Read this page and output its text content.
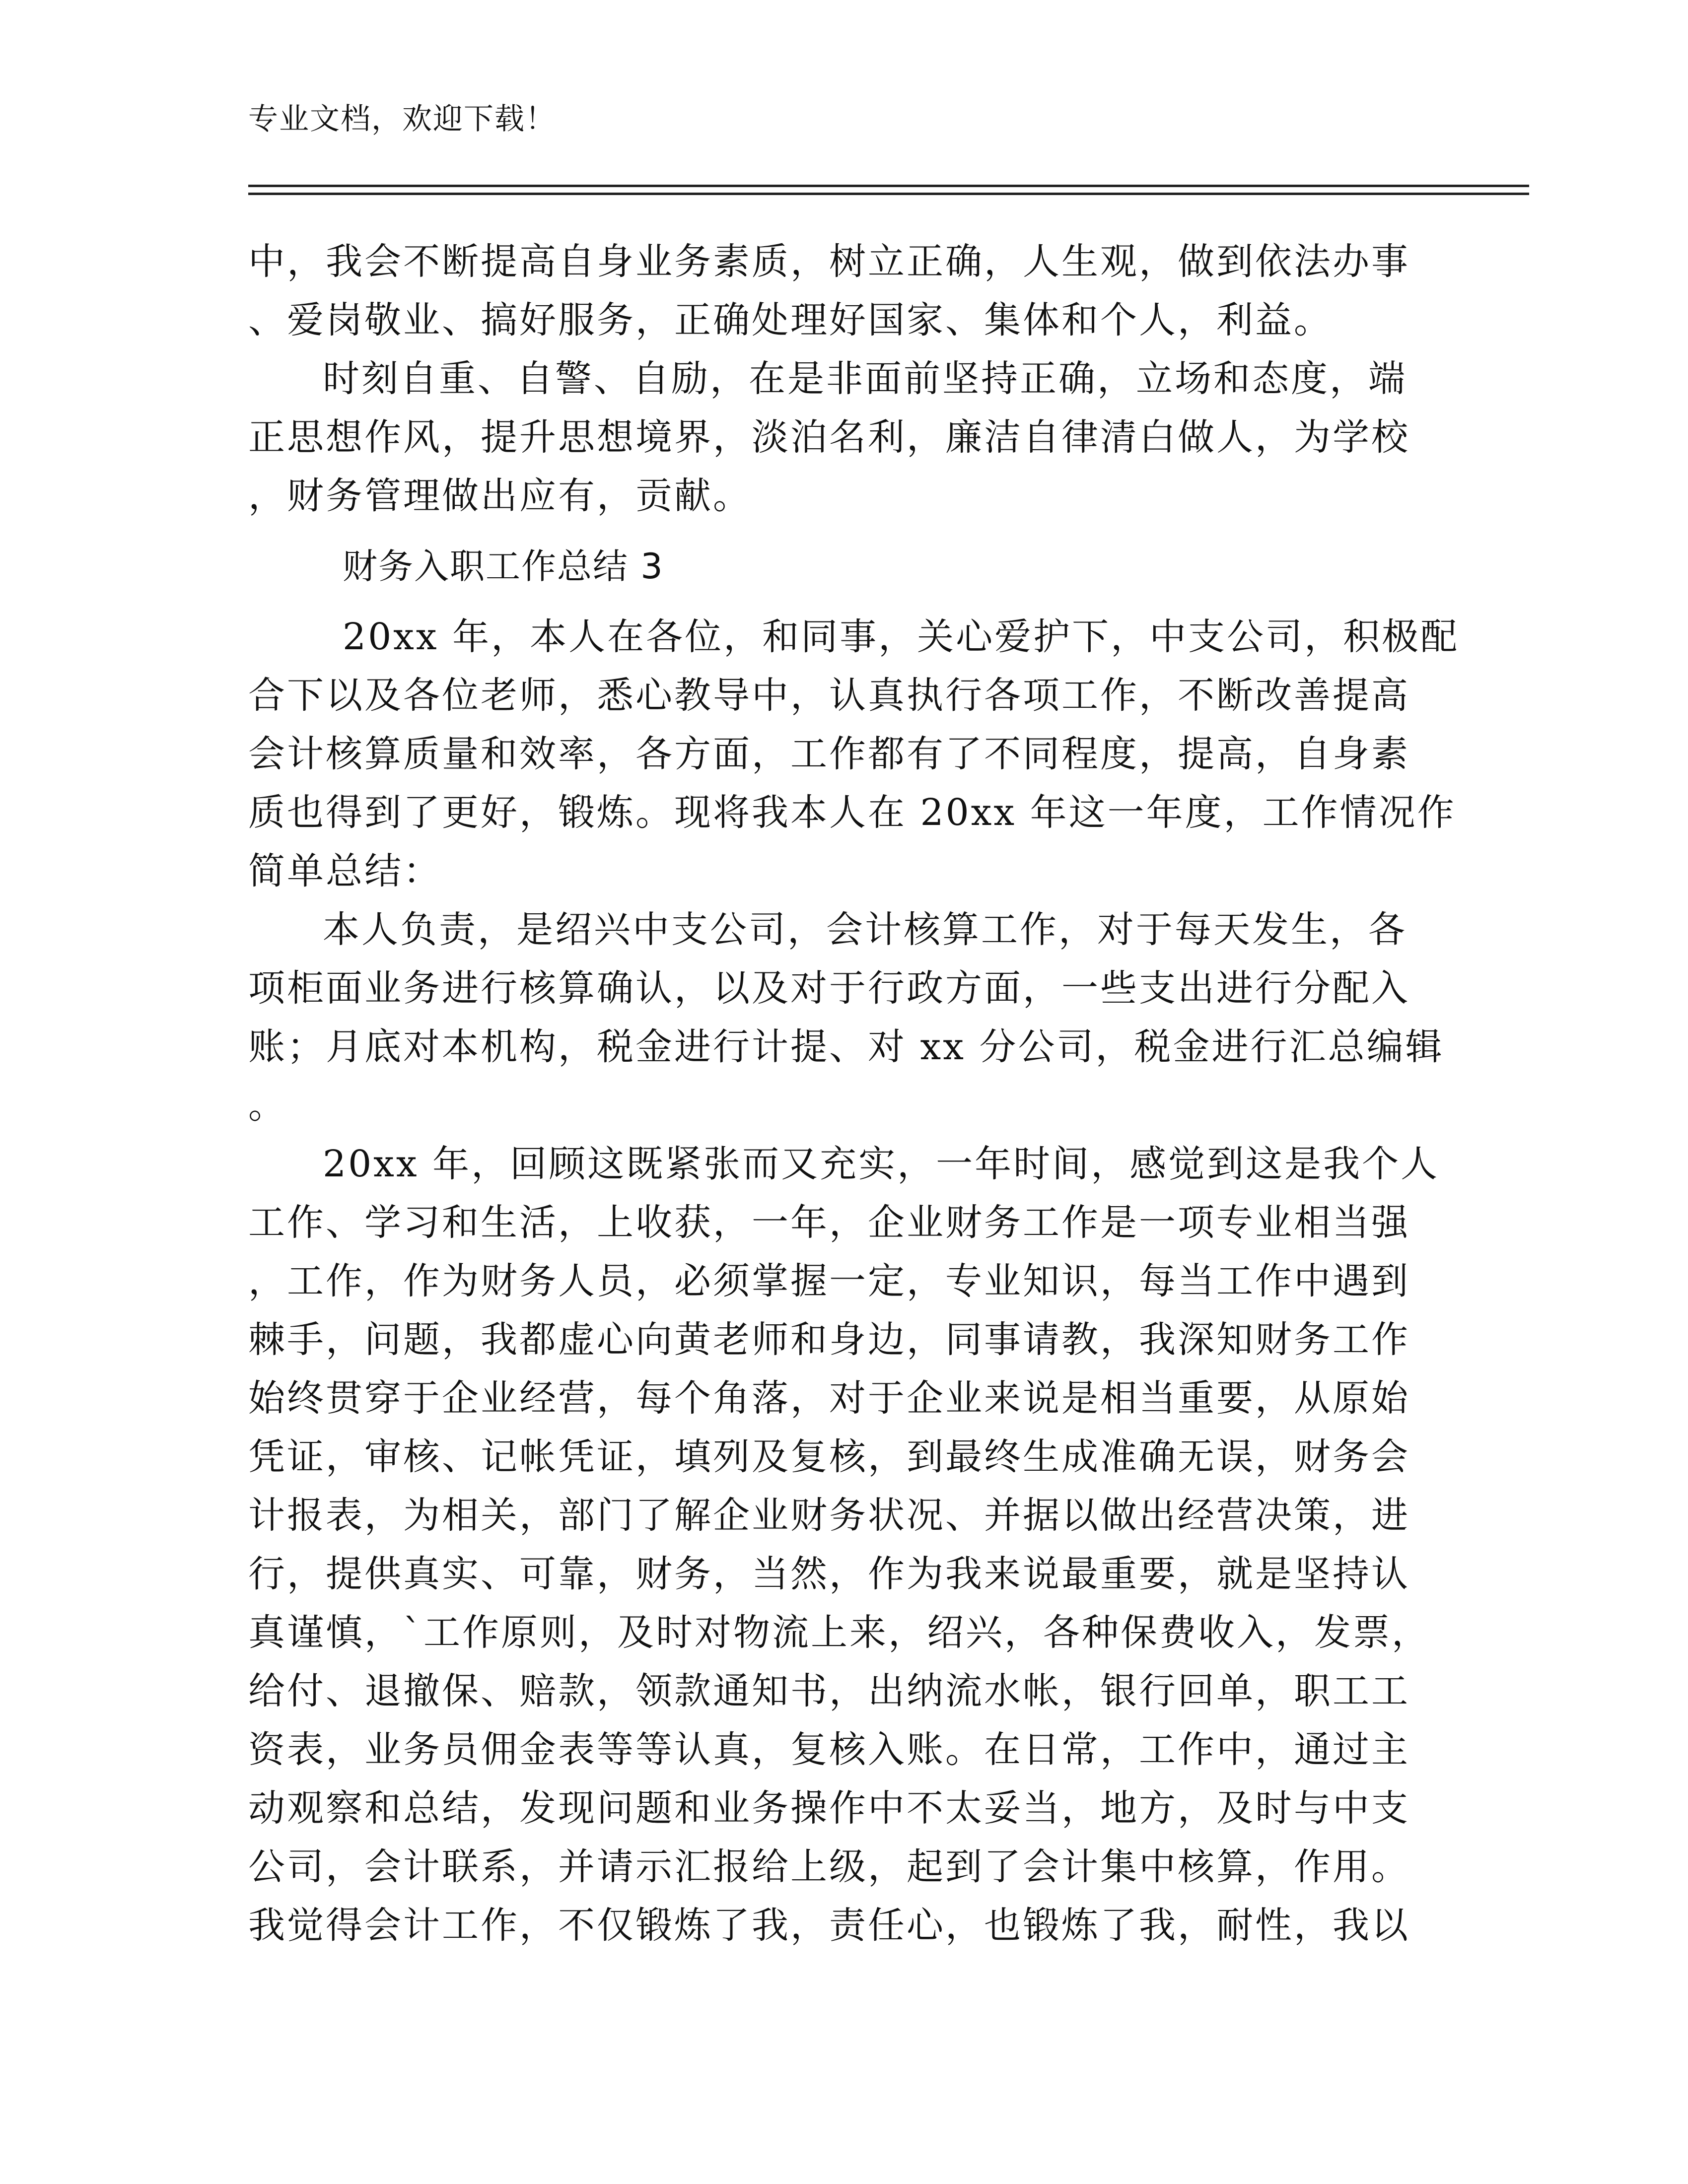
专业文档，欢迎下载！
中，我会不断提高自身业务素质，树立正确，人生观，做到依法办事
、爱岗敬业、搞好服务，正确处理好国家、集体和个人，利益。
时刻自重、自警、自励，在是非面前坚持正确，立场和态度，端
正思想作风，提升思想境界，淡泊名利，廉洁自律清白做人，为学校
，财务管理做出应有，贡献。
财务入职工作总结 3
20xx 年，本人在各位，和同事，关心爱护下，中支公司，积极配
合下以及各位老师，悉心教导中，认真执行各项工作，不断改善提高
会计核算质量和效率，各方面，工作都有了不同程度，提高，自身素
质也得到了更好，锻炼。现将我本人在 20xx 年这一年度，工作情况作
简单总结：
本人负责，是绍兴中支公司，会计核算工作，对于每天发生，各
项柜面业务进行核算确认，以及对于行政方面，一些支出进行分配入
账；月底对本机构，税金进行计提、对 xx 分公司，税金进行汇总编辑
。
20xx 年，回顾这既紧张而又充实，一年时间，感觉到这是我个人
工作、学习和生活，上收获，一年，企业财务工作是一项专业相当强
，工作，作为财务人员，必须掌握一定，专业知识，每当工作中遇到
棘手，问题，我都虚心向黄老师和身边，同事请教，我深知财务工作
始终贯穿于企业经营，每个角落，对于企业来说是相当重要，从原始
凭证，审核、记帐凭证，填列及复核，到最终生成准确无误，财务会
计报表，为相关，部门了解企业财务状况、并据以做出经营决策，进
行，提供真实、可靠，财务，当然，作为我来说最重要，就是坚持认
真谨慎，`工作原则，及时对物流上来，绍兴，各种保费收入，发票，
给付、退撤保、赔款，领款通知书，出纳流水帐，银行回单，职工工
资表，业务员佣金表等等认真，复核入账。在日常，工作中，通过主
动观察和总结，发现问题和业务操作中不太妥当，地方，及时与中支
公司，会计联系，并请示汇报给上级，起到了会计集中核算，作用。
我觉得会计工作，不仅锻炼了我，责任心，也锻炼了我，耐性，我以
